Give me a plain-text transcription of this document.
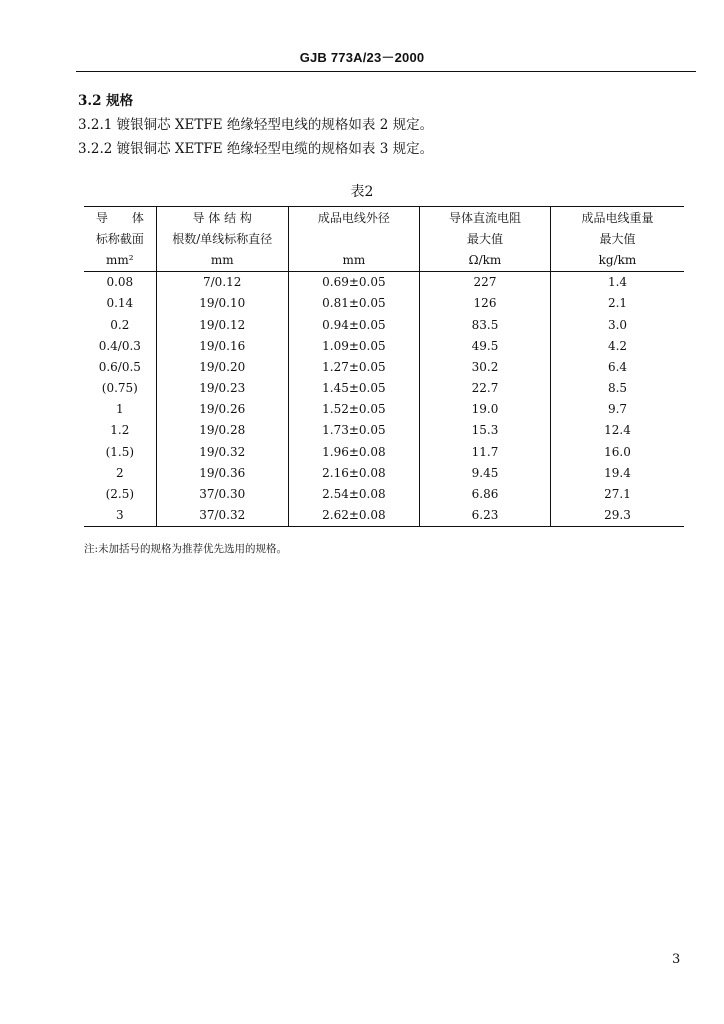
GJB 773A/23－2000
3.2 规格
3.2.1 镀银铜芯 XETFE 绝缘轻型电线的规格如表 2 规定。
3.2.2 镀银铜芯 XETFE 绝缘轻型电缆的规格如表 3 规定。
表2
导　　体	导 体 结 构	成品电线外径	导体直流电阻	成品电线重量
标称截面	根数/单线标称直径		最大值	最大值
mm²	mm	mm	Ω/km	kg/km
0.08	7/0.12	0.69±0.05	227	1.4
0.14	19/0.10	0.81±0.05	126	2.1
0.2	19/0.12	0.94±0.05	83.5	3.0
0.4/0.3	19/0.16	1.09±0.05	49.5	4.2
0.6/0.5	19/0.20	1.27±0.05	30.2	6.4
(0.75)	19/0.23	1.45±0.05	22.7	8.5
1	19/0.26	1.52±0.05	19.0	9.7
1.2	19/0.28	1.73±0.05	15.3	12.4
(1.5)	19/0.32	1.96±0.08	11.7	16.0
2	19/0.36	2.16±0.08	9.45	19.4
(2.5)	37/0.30	2.54±0.08	6.86	27.1
3	37/0.32	2.62±0.08	6.23	29.3
注:未加括号的规格为推荐优先选用的规格。
3
